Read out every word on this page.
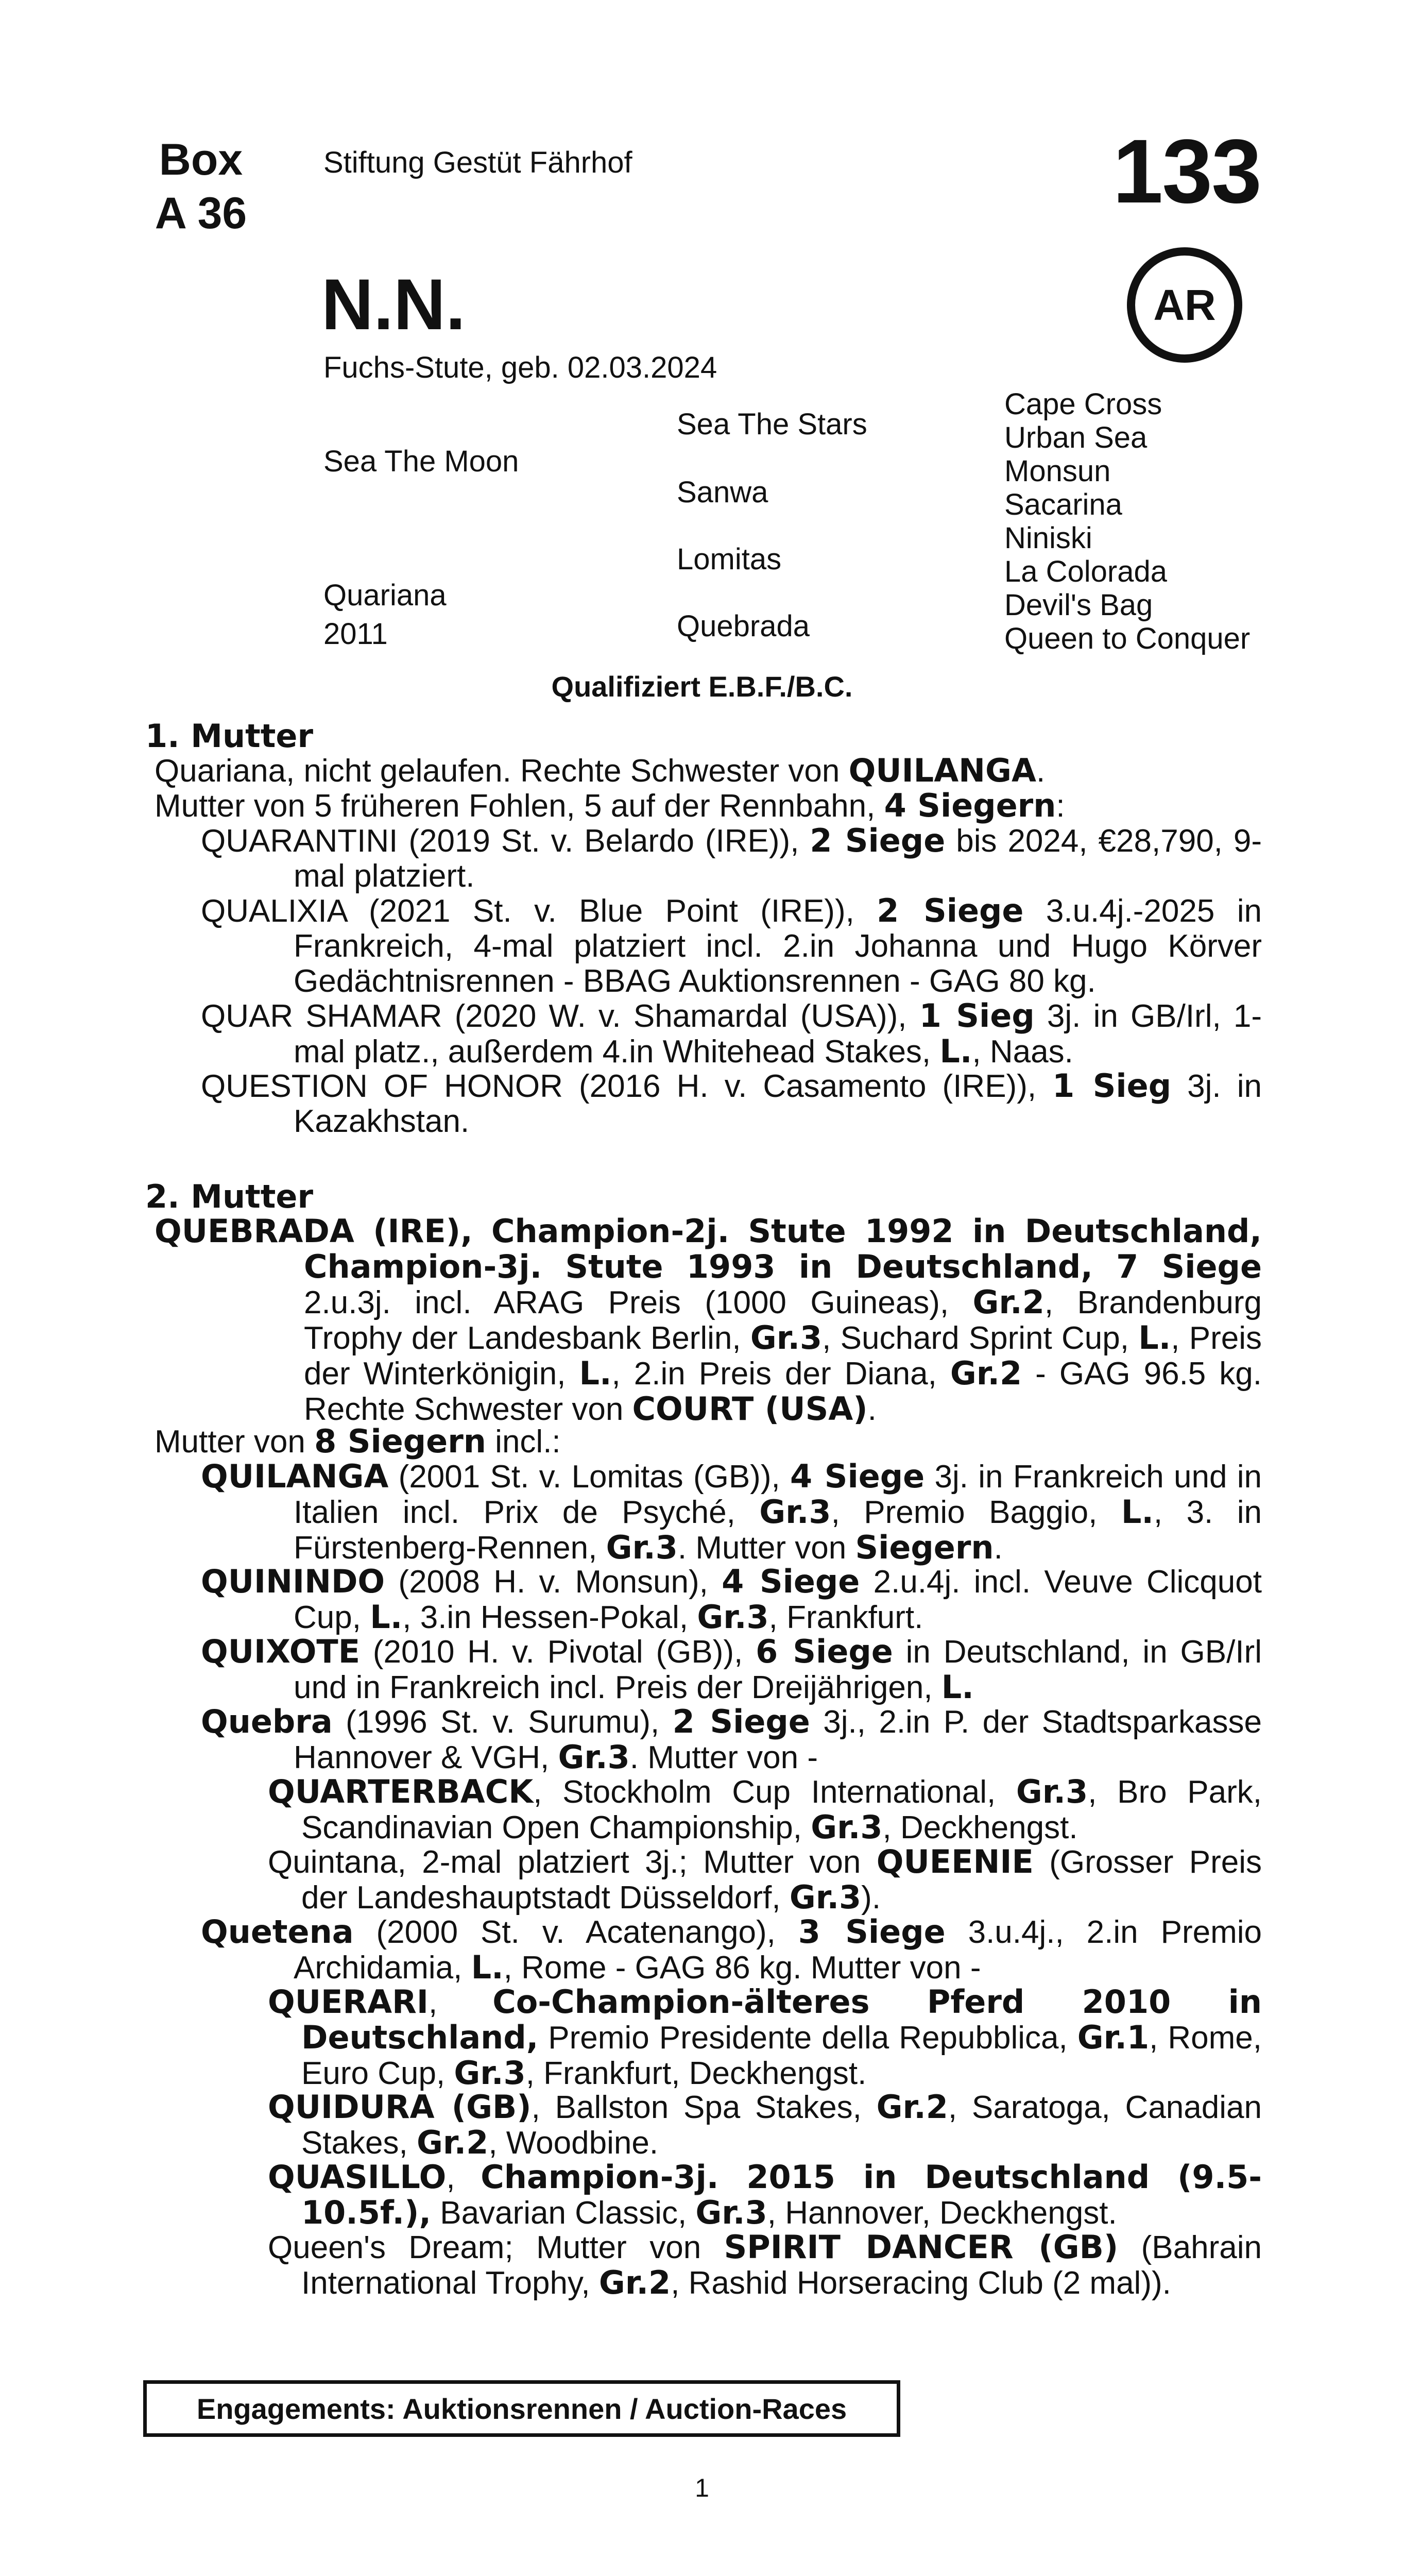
Box
A 36
Stiftung Gestüt Fährhof	133
AR
N.N.
Fuchs-Stute, geb. 02.03.2024
Sea The Moon
Quariana
2011
Sea The Stars
Sanwa
Lomitas
Quebrada
Cape Cross
Urban Sea
Monsun
Sacarina
Niniski
La Colorada
Devil's Bag
Queen to Conquer
Qualifiziert E.B.F./B.C.
1. Mutter
Quariana, nicht gelaufen. Rechte Schwester von QUILANGA.
Mutter von 5 früheren Fohlen, 5 auf der Rennbahn, 4 Siegern:
QUARANTINI (2019 St. v. Belardo (IRE)), 2 Siege bis 2024, €28,790, 9-mal platziert.
QUALIXIA (2021 St. v. Blue Point (IRE)), 2 Siege 3.u.4j.-2025 in Frankreich, 4-mal platziert incl. 2.in Johanna und Hugo Körver Gedächtnisrennen - BBAG Auktionsrennen - GAG 80 kg.
QUAR SHAMAR (2020 W. v. Shamardal (USA)), 1 Sieg 3j. in GB/Irl, 1-mal platz., außerdem 4.in Whitehead Stakes, L., Naas.
QUESTION OF HONOR (2016 H. v. Casamento (IRE)), 1 Sieg 3j. in Kazakhstan.
2. Mutter
QUEBRADA (IRE), Champion-2j. Stute 1992 in Deutschland, Champion-3j. Stute 1993 in Deutschland, 7 Siege 2.u.3j. incl. ARAG Preis (1000 Guineas), Gr.2, Brandenburg Trophy der Landesbank Berlin, Gr.3, Suchard Sprint Cup, L., Preis der Winterkönigin, L., 2.in Preis der Diana, Gr.2 - GAG 96.5 kg. Rechte Schwester von COURT (USA).
Mutter von 8 Siegern incl.:
QUILANGA (2001 St. v. Lomitas (GB)), 4 Siege 3j. in Frankreich und in Italien incl. Prix de Psyché, Gr.3, Premio Baggio, L., 3. in Fürstenberg-Rennen, Gr.3. Mutter von Siegern.
QUININDO (2008 H. v. Monsun), 4 Siege 2.u.4j. incl. Veuve Clicquot Cup, L., 3.in Hessen-Pokal, Gr.3, Frankfurt.
QUIXOTE (2010 H. v. Pivotal (GB)), 6 Siege in Deutschland, in GB/Irl und in Frankreich incl. Preis der Dreijährigen, L.
Quebra (1996 St. v. Surumu), 2 Siege 3j., 2.in P. der Stadtsparkasse Hannover & VGH, Gr.3. Mutter von -
QUARTERBACK, Stockholm Cup International, Gr.3, Bro Park, Scandinavian Open Championship, Gr.3, Deckhengst.
Quintana, 2-mal platziert 3j.; Mutter von QUEENIE (Grosser Preis der Landeshauptstadt Düsseldorf, Gr.3).
Quetena (2000 St. v. Acatenango), 3 Siege 3.u.4j., 2.in Premio Archidamia, L., Rome - GAG 86 kg. Mutter von -
QUERARI, Co-Champion-älteres Pferd 2010 in Deutschland, Premio Presidente della Repubblica, Gr.1, Rome, Euro Cup, Gr.3, Frankfurt, Deckhengst.
QUIDURA (GB), Ballston Spa Stakes, Gr.2, Saratoga, Canadian Stakes, Gr.2, Woodbine.
QUASILLO, Champion-3j. 2015 in Deutschland (9.5-10.5f.), Bavarian Classic, Gr.3, Hannover, Deckhengst.
Queen's Dream; Mutter von SPIRIT DANCER (GB) (Bahrain International Trophy, Gr.2, Rashid Horseracing Club (2 mal)).
Engagements: Auktionsrennen / Auction-Races
1
